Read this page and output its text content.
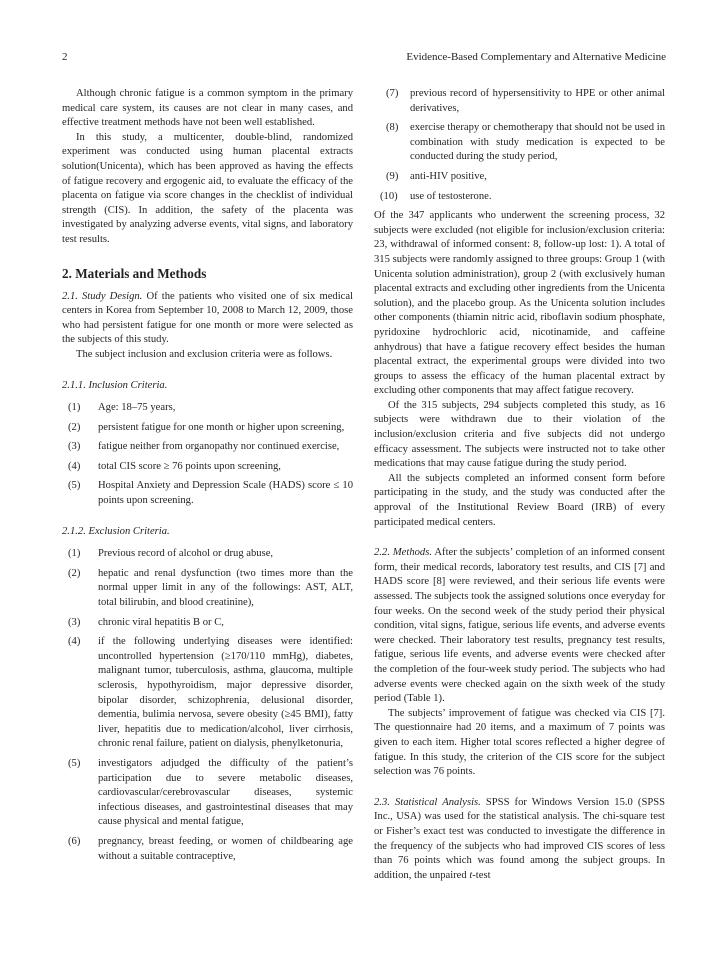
2	Evidence-Based Complementary and Alternative Medicine

Although chronic fatigue is a common symptom in the primary medical care system, its causes are not clear in many cases, and effective treatment methods have not been well established.

In this study, a multicenter, double-blind, randomized experiment was conducted using human placental extracts solution(Unicenta), which has been approved as having the effects of fatigue recovery and ergogenic aid, to evaluate the efficacy of the placenta on fatigue via score changes in the checklist of individual strength (CIS). In addition, the safety of the placenta was investigated by analyzing adverse events, vital signs, and laboratory test results.

2. Materials and Methods

2.1. Study Design. Of the patients who visited one of six medical centers in Korea from September 10, 2008 to March 12, 2009, those who had persistent fatigue for one month or more were selected as the subjects of this study.

The subject inclusion and exclusion criteria were as follows.

2.1.1. Inclusion Criteria.
(1) Age: 18–75 years,
(2) persistent fatigue for one month or higher upon screening,
(3) fatigue neither from organopathy nor continued exercise,
(4) total CIS score ≥ 76 points upon screening,
(5) Hospital Anxiety and Depression Scale (HADS) score ≤ 10 points upon screening.
2.1.2. Exclusion Criteria.
(1) Previous record of alcohol or drug abuse,
(2) hepatic and renal dysfunction (two times more than the normal upper limit in any of the followings: AST, ALT, total bilirubin, and blood creatinine),
(3) chronic viral hepatitis B or C,
(4) if the following underlying diseases were identified: uncontrolled hypertension (≥170/110 mmHg), diabetes, malignant tumor, tuberculosis, asthma, glaucoma, multiple sclerosis, hypothyroidism, major depressive disorder, bipolar disorder, schizophrenia, delusional disorder, dementia, bulimia nervosa, severe obesity (≥45 BMI), fatty liver, hepatitis due to medication/alcohol, liver cirrhosis, chronic renal failure, patient on dialysis, phenylketonuria,
(5) investigators adjudged the difficulty of the patient’s participation due to severe metabolic diseases, cardiovascular/cerebrovascular diseases, systemic infectious diseases, and gastrointestinal diseases that may cause physical and mental fatigue,
(6) pregnancy, breast feeding, or women of childbearing age without a suitable contraceptive,
(7) previous record of hypersensitivity to HPE or other animal derivatives,
(8) exercise therapy or chemotherapy that should not be used in combination with study medication is expected to be conducted during the study period,
(9) anti-HIV positive,
(10) use of testosterone.

Of the 347 applicants who underwent the screening process, 32 subjects were excluded (not eligible for inclusion/exclusion criteria: 23, withdrawal of informed consent: 8, follow-up lost: 1). A total of 315 subjects were randomly assigned to three groups: Group 1 (with Unicenta solution administration), group 2 (with exclusively human placental extracts and excluding other ingredients from the Unicenta solution), and the placebo group. As the Unicenta solution includes other components (thiamin nitric acid, riboflavin sodium phosphate, pyridoxine hydrochloric acid, nicotinamide, and caffeine anhydrous) that have a fatigue recovery effect besides the human placental extract, the experimental groups were divided into two groups to assess the efficacy of the human placental extract by excluding other components that may affect fatigue recovery.

Of the 315 subjects, 294 subjects completed this study, as 16 subjects were withdrawn due to their violation of the inclusion/exclusion criteria and five subjects did not undergo efficacy assessment. The subjects were instructed not to take other medications that may cause fatigue during the study period.

All the subjects completed an informed consent form before participating in the study, and the study was conducted after the approval of the Institutional Review Board (IRB) of every participated medical centers.

2.2. Methods. After the subjects’ completion of an informed consent form, their medical records, laboratory test results, and CIS [7] and HADS score [8] were reviewed, and their serious life events were assessed. The subjects took the assigned solutions once everyday for four weeks. On the second week of the study period their physical condition, vital signs, fatigue, serious life events, and adverse events were checked. Their laboratory test results, pregnancy test results, fatigue, serious life events, and adverse events were checked after the completion of the four-week study period. The subjects who had adverse events were checked again on the sixth week of the study period (Table 1).

The subjects’ improvement of fatigue was checked via CIS [7]. The questionnaire had 20 items, and a maximum of 7 points was given to each item. Higher total scores reflected a higher degree of fatigue. In this study, the criterion of the CIS score for the subject selection was 76 points.

2.3. Statistical Analysis. SPSS for Windows Version 15.0 (SPSS Inc., USA) was used for the statistical analysis. The chi-square test or Fisher’s exact test was conducted to investigate the difference in the frequency of the subjects who had improved CIS scores of less than 76 points which was found among the subject groups. In addition, the unpaired t-test
